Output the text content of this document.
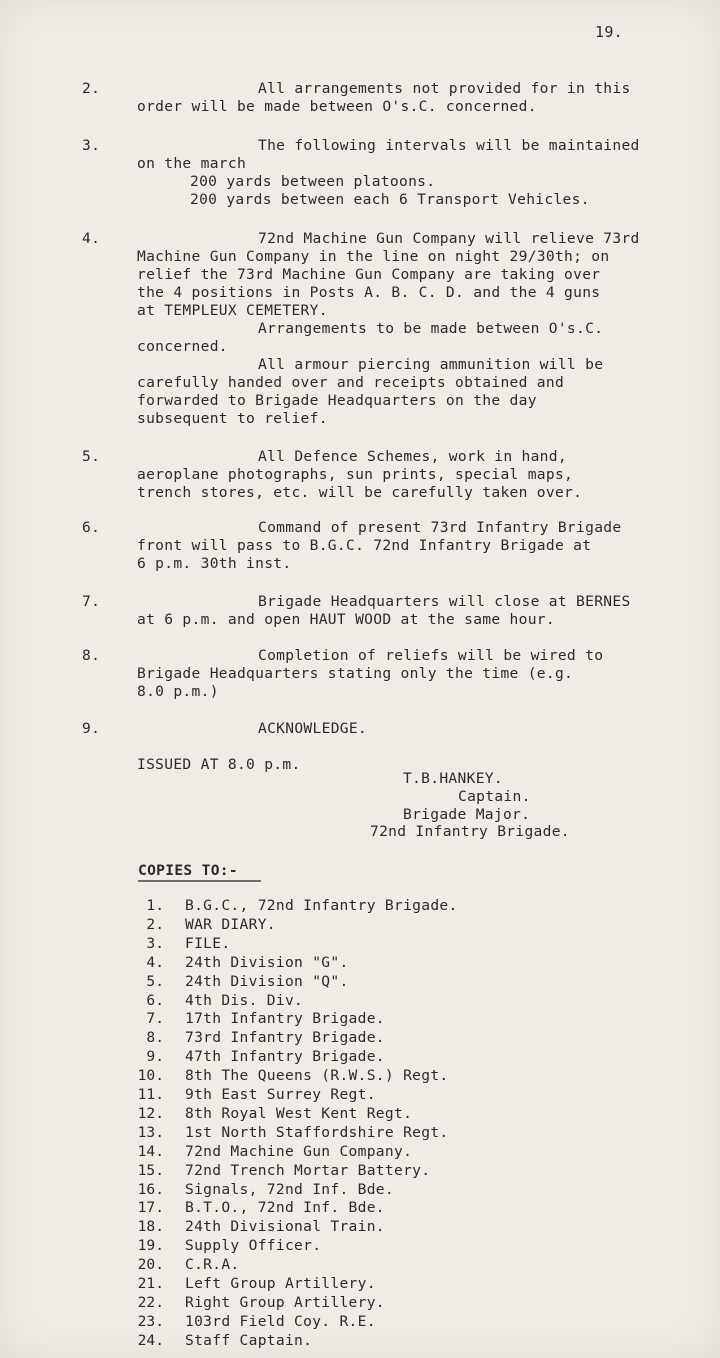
19.
2.	All arrangements not provided for in this
order will be made between O's.C. concerned.
3.	The following intervals will be maintained
on the march
200 yards between platoons.
200 yards between each 6 Transport Vehicles.
4.	72nd Machine Gun Company will relieve 73rd
Machine Gun Company in the line on night 29/30th; on
relief the 73rd Machine Gun Company are taking over
the 4 positions in Posts A. B. C. D. and the 4 guns
at TEMPLEUX CEMETERY.
Arrangements to be made between O's.C.
concerned.
All armour piercing ammunition will be
carefully handed over and receipts obtained and
forwarded to Brigade Headquarters on the day
subsequent to relief.
5.	All Defence Schemes, work in hand,
aeroplane photographs, sun prints, special maps,
trench stores, etc. will be carefully taken over.
6.	Command of present 73rd Infantry Brigade
front will pass to B.G.C. 72nd Infantry Brigade at
6 p.m. 30th inst.
7.	Brigade Headquarters will close at BERNES
at 6 p.m. and open HAUT WOOD at the same hour.
8.	Completion of reliefs will be wired to
Brigade Headquarters stating only the time (e.g.
8.0 p.m.)
9.	ACKNOWLEDGE.
ISSUED AT 8.0 p.m.
T.B.HANKEY.
Captain.
Brigade Major.
72nd Infantry Brigade.
COPIES TO:-
1. B.G.C., 72nd Infantry Brigade.
2. WAR DIARY.
3. FILE.
4. 24th Division "G".
5. 24th Division "Q".
6. 4th Dis. Div.
7. 17th Infantry Brigade.
8. 73rd Infantry Brigade.
9. 47th Infantry Brigade.
10. 8th The Queens (R.W.S.) Regt.
11. 9th East Surrey Regt.
12. 8th Royal West Kent Regt.
13. 1st North Staffordshire Regt.
14. 72nd Machine Gun Company.
15. 72nd Trench Mortar Battery.
16. Signals, 72nd Inf. Bde.
17. B.T.O., 72nd Inf. Bde.
18. 24th Divisional Train.
19. Supply Officer.
20. C.R.A.
21. Left Group Artillery.
22. Right Group Artillery.
23. 103rd Field Coy. R.E.
24. Staff Captain.
